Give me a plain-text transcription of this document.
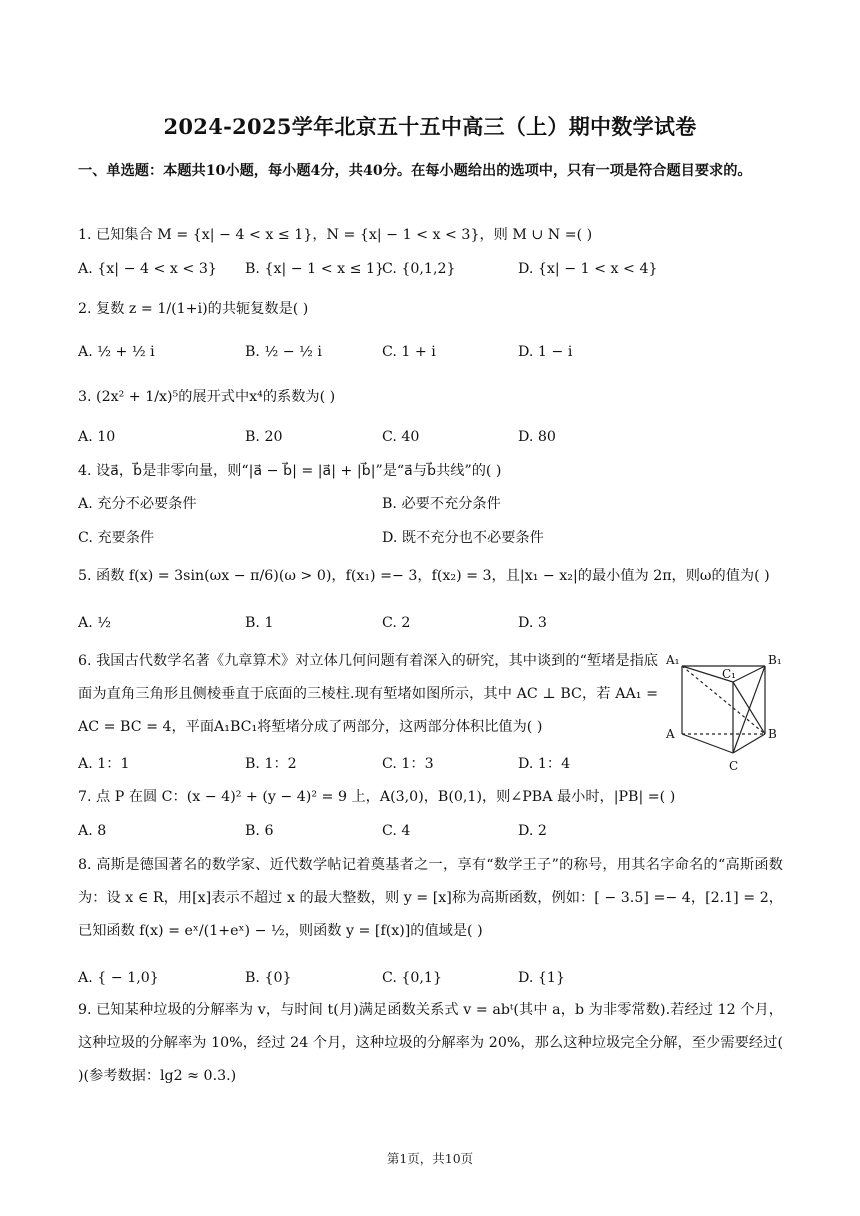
2024-2025学年北京五十五中高三（上）期中数学试卷
一、单选题：本题共10小题，每小题4分，共40分。在每小题给出的选项中，只有一项是符合题目要求的。
1. 已知集合 M = {x| − 4 < x ≤ 1}，N = {x| − 1 < x < 3}，则 M ∪ N =( )
A. {x| − 4 < x < 3} B. {x| − 1 < x ≤ 1}
C. {0,1,2}	D. {x| − 1 < x < 4}
2. 复数 z = 1/(1+i)的共轭复数是( )
A. ½ + ½ i	B. ½ − ½ i	C. 1 + i	D. 1 − i
3. (2x² + 1/x)⁵的展开式中x⁴的系数为( )
A. 10	B. 20	C. 40	D. 80
4. 设a⃗，b⃗是非零向量，则“|a⃗ − b⃗| = |a⃗| + |b⃗|”是“a⃗与b⃗共线”的( )
A. 充分不必要条件	B. 必要不充分条件
C. 充要条件	D. 既不充分也不必要条件
5. 函数 f(x) = 3sin(ωx − π/6)(ω > 0)，f(x₁) =− 3，f(x₂) = 3，且|x₁ − x₂|的最小值为 2π，则ω的值为( )
A. ½	B. 1	C. 2	D. 3
6. 我国古代数学名著《九章算术》对立体几何问题有着深入的研究，其中谈到的“堑堵是指底面为直角三角形且侧棱垂直于底面的三棱柱.现有堑堵如图所示，其中 AC ⊥ BC，若 AA₁ = AC = BC = 4，平面A₁BC₁将堑堵分成了两部分，这两部分体积比值为( )
A. 1：1	B. 1：2	C. 1：3	D. 1：4
A₁
C₁
B₁
A	B
C
7. 点 P 在圆 C：(x − 4)² + (y − 4)² = 9 上，A(3,0)，B(0,1)，则∠PBA 最小时，|PB| =( )
A. 8	B. 6	C. 4	D. 2
8. 高斯是德国著名的数学家、近代数学帖记着奠基者之一，享有“数学王子”的称号，用其名字命名的“高斯函数为：设 x ∈ R，用[x]表示不超过 x 的最大整数，则 y = [x]称为高斯函数，例如：[ − 3.5] =− 4，[2.1] = 2，已知函数 f(x) = eˣ/(1+eˣ) − ½，则函数 y = [f(x)]的值域是( )
A. { − 1,0}	B. {0}	C. {0,1}	D. {1}
9. 已知某种垃圾的分解率为 v，与时间 t(月)满足函数关系式 v = abᵗ(其中 a，b 为非零常数).若经过 12 个月，这种垃圾的分解率为 10%，经过 24 个月，这种垃圾的分解率为 20%，那么这种垃圾完全分解，至少需要经过( )(参考数据：lg2 ≈ 0.3.)
第1页，共10页
